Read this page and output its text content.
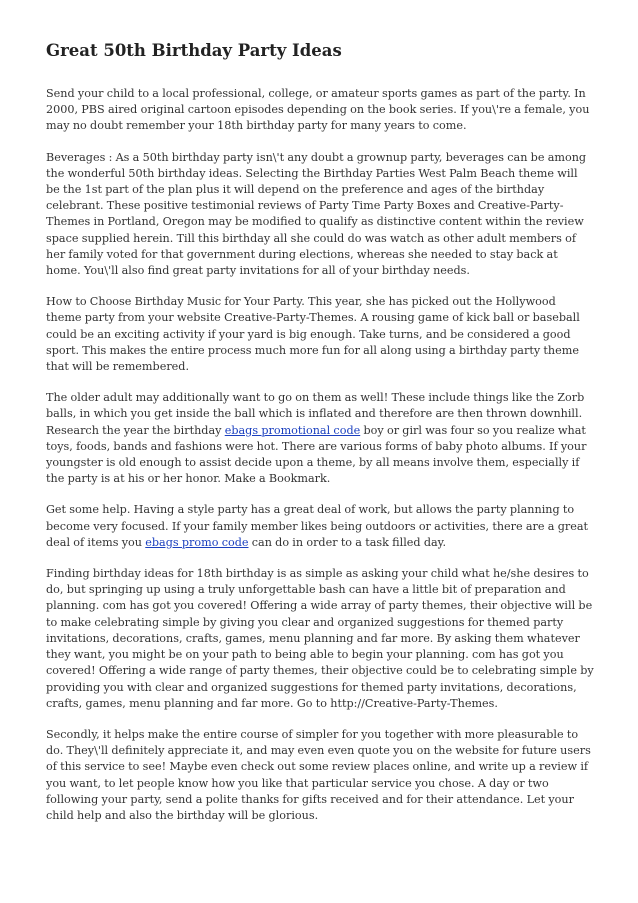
Great 50th Birthday Party Ideas

Send your child to a local professional, college, or amateur sports games as part of the party. In 2000, PBS aired original cartoon episodes depending on the book series. If you\'re a female, you may no doubt remember your 18th birthday party for many years to come.

Beverages : As a 50th birthday party isn\'t any doubt a grownup party, beverages can be among the wonderful 50th birthday ideas. Selecting the Birthday Parties West Palm Beach theme will be the 1st part of the plan plus it will depend on the preference and ages of the birthday celebrant. These positive testimonial reviews of Party Time Party Boxes and Creative-Party-Themes in Portland, Oregon may be modified to qualify as distinctive content within the review space supplied herein. Till this birthday all she could do was watch as other adult members of her family voted for that government during elections, whereas she needed to stay back at home. You\'ll also find great party invitations for all of your birthday needs.

How to Choose Birthday Music for Your Party. This year, she has picked out the Hollywood theme party from your website Creative-Party-Themes. A rousing game of kick ball or baseball could be an exciting activity if your yard is big enough. Take turns, and be considered a good sport. This makes the entire process much more fun for all along using a birthday party theme that will be remembered.

The older adult may additionally want to go on them as well! These include things like the Zorb balls, in which you get inside the ball which is inflated and therefore are then thrown downhill. Research the year the birthday ebags promotional code boy or girl was four so you realize what toys, foods, bands and fashions were hot. There are various forms of baby photo albums. If your youngster is old enough to assist decide upon a theme, by all means involve them, especially if the party is at his or her honor. Make a Bookmark.

Get some help. Having a style party has a great deal of work, but allows the party planning to become very focused. If your family member likes being outdoors or activities, there are a great deal of items you ebags promo code can do in order to a task filled day.

Finding birthday ideas for 18th birthday is as simple as asking your child what he/she desires to do, but springing up using a truly unforgettable bash can have a little bit of preparation and planning. com has got you covered! Offering a wide array of party themes, their objective will be to make celebrating simple by giving you clear and organized suggestions for themed party invitations, decorations, crafts, games, menu planning and far more. By asking them whatever they want, you might be on your path to being able to begin your planning. com has got you covered! Offering a wide range of party themes, their objective could be to celebrating simple by providing you with clear and organized suggestions for themed party invitations, decorations, crafts, games, menu planning and far more. Go to http://Creative-Party-Themes.

Secondly, it helps make the entire course of simpler for you together with more pleasurable to do. They\'ll definitely appreciate it, and may even even quote you on the website for future users of this service to see! Maybe even check out some review places online, and write up a review if you want, to let people know how you like that particular service you chose. A day or two following your party, send a polite thanks for gifts received and for their attendance. Let your child help and also the birthday will be glorious.
